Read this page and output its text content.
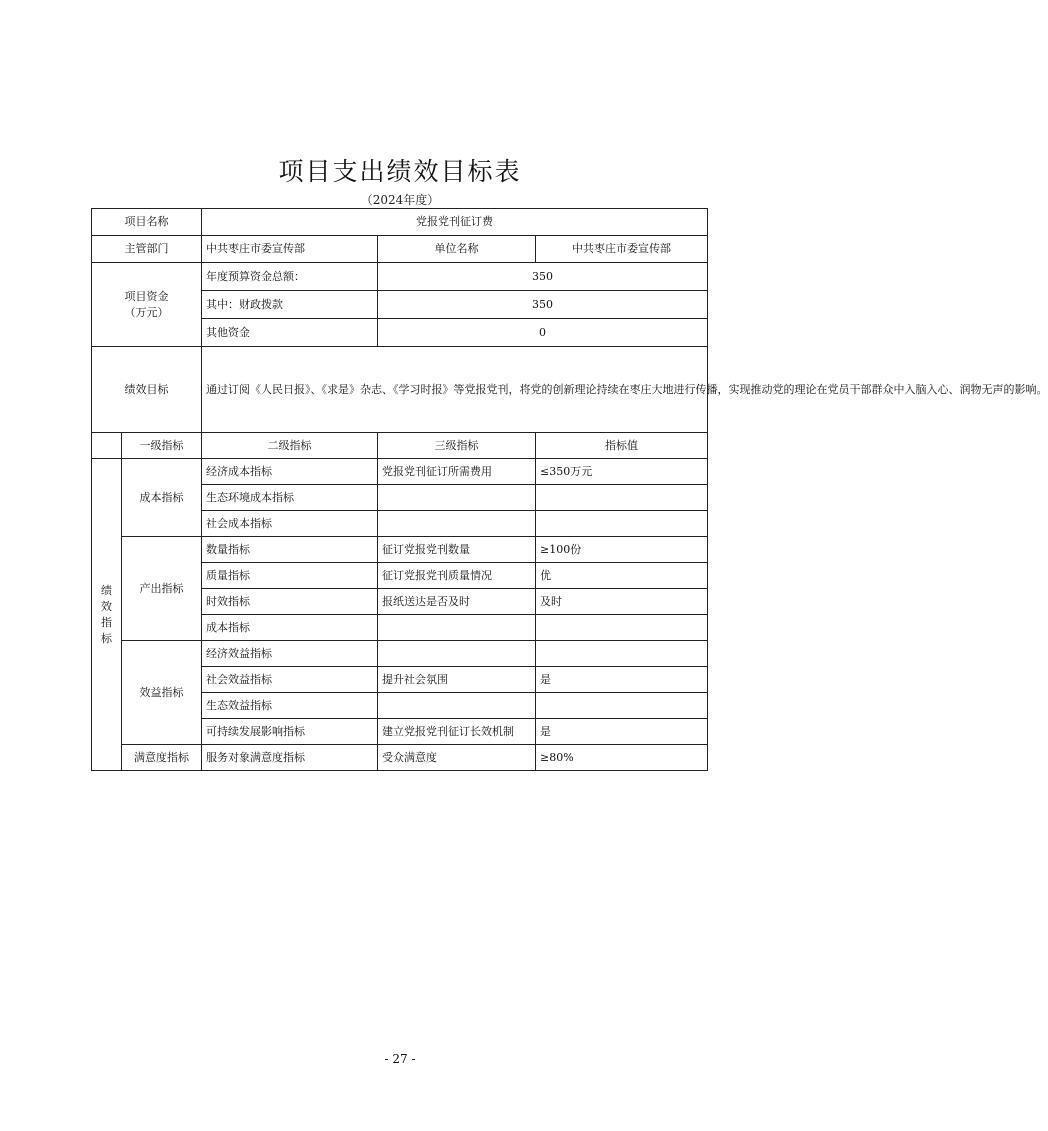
项目支出绩效目标表
（2024年度）
项目名称		党报党刊征订费		
主管部门		中共枣庄市委宣传部	单位名称	中共枣庄市委宣传部

项目资金
（万元）		年度预算资金总额：	350	
		其中：财政拨款	350	
		其他资金	0	
绩效目标		通过订阅《人民日报》、《求是》杂志、《学习时报》等党报党刊，将党的创新理论持续在枣庄大地进行传播，实现推动党的理论在党员干部群众中入脑入心、润物无声的影响。		
	一级指标	二级指标	三级指标	指标值
绩效指标	成本指标	经济成本指标	党报党刊征订所需费用	≤350万元
		生态环境成本指标		
		社会成本指标		
	产出指标	数量指标	征订党报党刊数量	≥100份
		质量指标	征订党报党刊质量情况	优
		时效指标	报纸送达是否及时	及时
		成本指标		
	效益指标	经济效益指标		
		社会效益指标	提升社会氛围	是
		生态效益指标		
		可持续发展影响指标	建立党报党刊征订长效机制	是
	满意度指标	服务对象满意度指标	受众满意度	≥80%
- 27 -
